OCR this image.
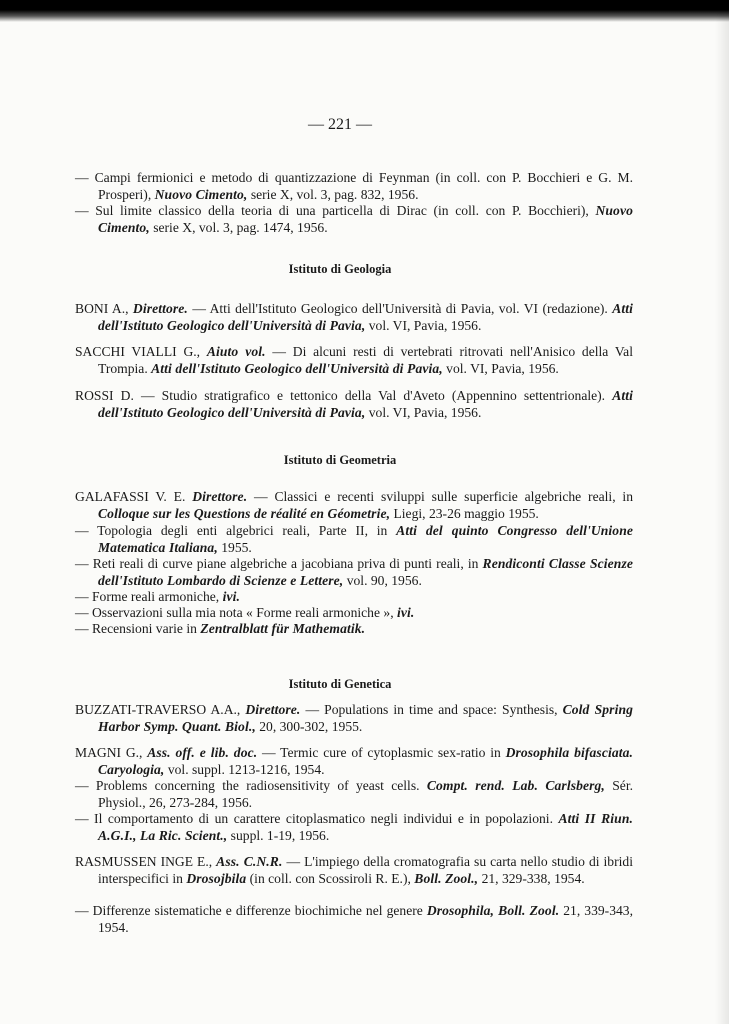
— 221 —
— Campi fermionici e metodo di quantizzazione di Feynman (in coll. con P. Bocchieri e G. M. Prosperi), Nuovo Cimento, serie X, vol. 3, pag. 832, 1956.
— Sul limite classico della teoria di una particella di Dirac (in coll. con P. Bocchieri), Nuovo Cimento, serie X, vol. 3, pag. 1474, 1956.
Istituto di Geologia
BONI A., Direttore. — Atti dell'Istituto Geologico dell'Università di Pavia, vol. VI (redazione). Atti dell'Istituto Geologico dell'Università di Pavia, vol. VI, Pavia, 1956.
SACCHI VIALLI G., Aiuto vol. — Di alcuni resti di vertebrati ritrovati nell'Anisico della Val Trompia. Atti dell'Istituto Geologico dell'Università di Pavia, vol. VI, Pavia, 1956.
ROSSI D. — Studio stratigrafico e tettonico della Val d'Aveto (Appennino settentrionale). Atti dell'Istituto Geologico dell'Università di Pavia, vol. VI, Pavia, 1956.
Istituto di Geometria
GALAFASSI V. E. Direttore. — Classici e recenti sviluppi sulle superficie algebriche reali, in Colloque sur les Questions de réalité en Géometrie, Liegi, 23-26 maggio 1955.
— Topologia degli enti algebrici reali, Parte II, in Atti del quinto Congresso dell'Unione Matematica Italiana, 1955.
— Reti reali di curve piane algebriche a jacobiana priva di punti reali, in Rendiconti Classe Scienze dell'Istituto Lombardo di Scienze e Lettere, vol. 90, 1956.
— Forme reali armoniche, ivi.
— Osservazioni sulla mia nota « Forme reali armoniche », ivi.
— Recensioni varie in Zentralblatt für Mathematik.
Istituto di Genetica
BUZZATI-TRAVERSO A.A., Direttore. — Populations in time and space: Synthesis, Cold Spring Harbor Symp. Quant. Biol., 20, 300-302, 1955.
MAGNI G., Ass. off. e lib. doc. — Termic cure of cytoplasmic sex-ratio in Drosophila bifasciata. Caryologia, vol. suppl. 1213-1216, 1954.
— Problems concerning the radiosensitivity of yeast cells. Compt. rend. Lab. Carlsberg, Sér. Physiol., 26, 273-284, 1956.
— Il comportamento di un carattere citoplasmatico negli individui e in popolazioni. Atti II Riun. A.G.I., La Ric. Scient., suppl. 1-19, 1956.
RASMUSSEN INGE E., Ass. C.N.R. — L'impiego della cromatografia su carta nello studio di ibridi interspecifici in Drosojbila (in coll. con Scossiroli R. E.), Boll. Zool., 21, 329-338, 1954.
— Differenze sistematiche e differenze biochimiche nel genere Drosophila, Boll. Zool. 21, 339-343, 1954.
